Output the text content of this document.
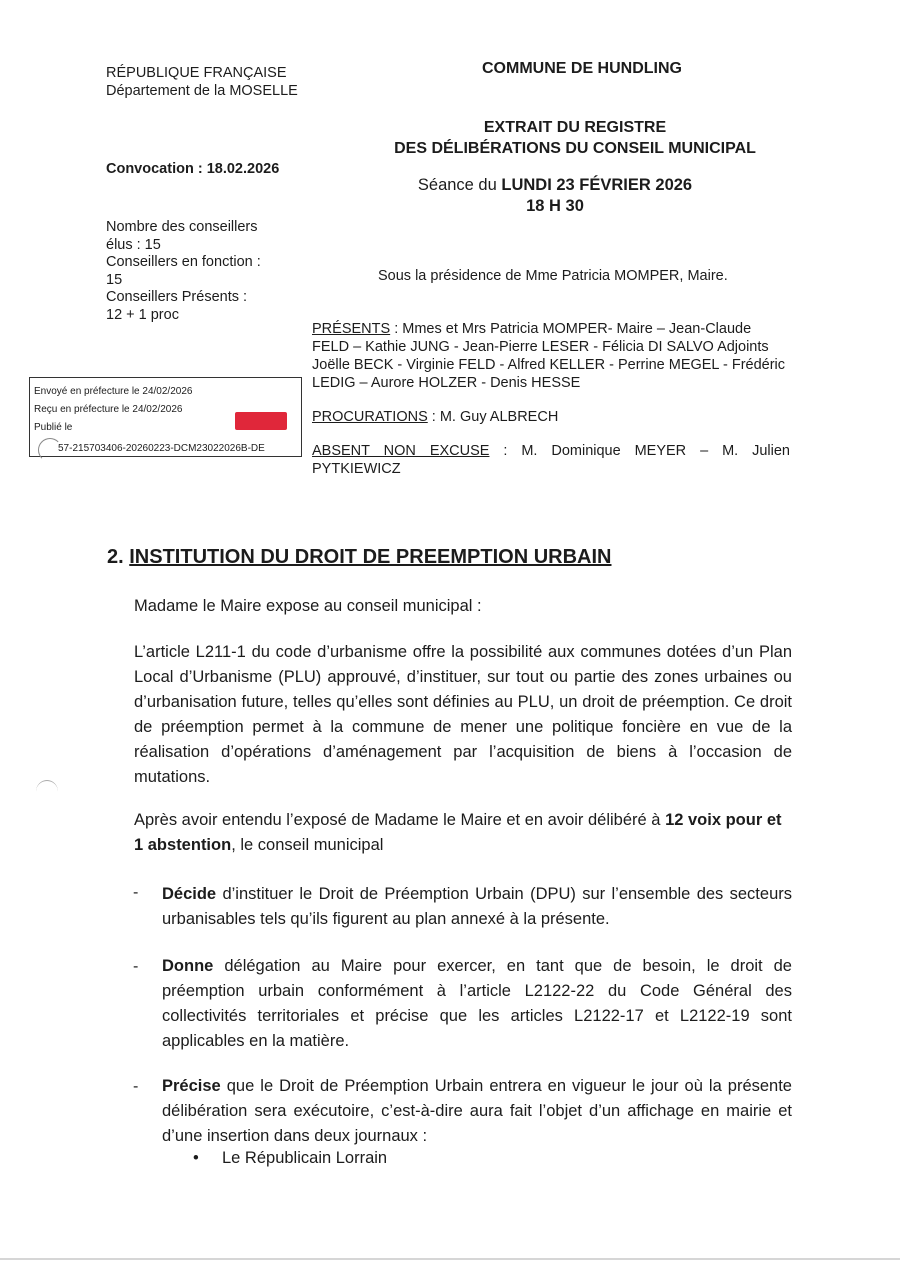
RÉPUBLIQUE FRANÇAISE
Département de la MOSELLE
Convocation : 18.02.2026
Nombre des conseillers
élus : 15
Conseillers en fonction :
15
Conseillers Présents :
12 + 1 proc
COMMUNE DE HUNDLING
EXTRAIT DU REGISTRE
DES DÉLIBÉRATIONS DU CONSEIL MUNICIPAL
Séance du LUNDI 23 FÉVRIER 2026
18 H 30
Sous la présidence de Mme Patricia MOMPER, Maire.
PRÉSENTS : Mmes et Mrs Patricia MOMPER- Maire – Jean-Claude FELD – Kathie JUNG - Jean-Pierre LESER - Félicia DI SALVO Adjoints Joëlle BECK - Virginie FELD - Alfred KELLER - Perrine MEGEL - Frédéric LEDIG – Aurore HOLZER - Denis HESSE
PROCURATIONS : M. Guy ALBRECH
ABSENT NON EXCUSE : M. Dominique MEYER – M. Julien PYTKIEWICZ
Envoyé en préfecture le 24/02/2026
Reçu en préfecture le 24/02/2026
Publié le
57-215703406-20260223-DCM23022026B-DE
2. INSTITUTION DU DROIT DE PREEMPTION URBAIN
Madame le Maire expose au conseil municipal :
L’article L211-1 du code d’urbanisme offre la possibilité aux communes dotées d’un Plan Local d’Urbanisme (PLU) approuvé, d’instituer, sur tout ou partie des zones urbaines ou d’urbanisation future, telles qu’elles sont définies au PLU, un droit de préemption. Ce droit de préemption permet à la commune de mener une politique foncière en vue de la réalisation d’opérations d’aménagement par l’acquisition de biens à l’occasion de mutations.
Après avoir entendu l’exposé de Madame le Maire et en avoir délibéré à 12 voix pour et 1 abstention, le conseil municipal
- Décide d’instituer le Droit de Préemption Urbain (DPU) sur l’ensemble des secteurs urbanisables tels qu’ils figurent au plan annexé à la présente.
- Donne délégation au Maire pour exercer, en tant que de besoin, le droit de préemption urbain conformément à l’article L2122-22 du Code Général des collectivités territoriales et précise que les articles L2122-17 et L2122-19 sont applicables en la matière.
- Précise que le Droit de Préemption Urbain entrera en vigueur le jour où la présente délibération sera exécutoire, c’est-à-dire aura fait l’objet d’un affichage en mairie et d’une insertion dans deux journaux :
• Le Républicain Lorrain
